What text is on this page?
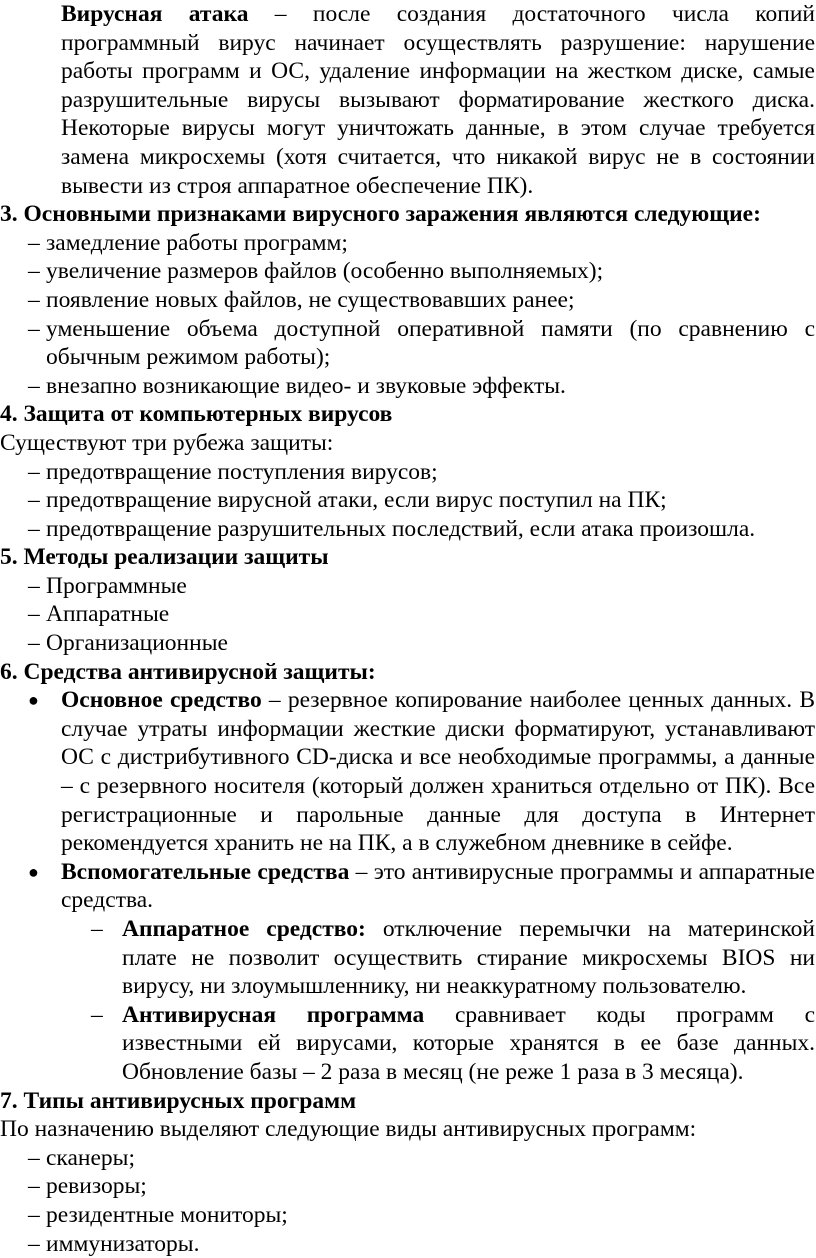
Вирусная атака – после создания достаточного числа копий программный вирус начинает осуществлять разрушение: нарушение работы программ и ОС, удаление информации на жестком диске, самые разрушительные вирусы вызывают форматирование жесткого диска. Некоторые вирусы могут уничтожать данные, в этом случае требуется замена микросхемы (хотя считается, что никакой вирус не в состоянии вывести из строя аппаратное обеспечение ПК).

3. Основными признаками вирусного заражения являются следующие:

– замедление работы программ;
– увеличение размеров файлов (особенно выполняемых);
– появление новых файлов, не существовавших ранее;
– уменьшение объема доступной оперативной памяти (по сравнению с обычным режимом работы);
– внезапно возникающие видео- и звуковые эффекты.

4. Защита от компьютерных вирусов

Существуют три рубежа защиты:

– предотвращение поступления вирусов;
– предотвращение вирусной атаки, если вирус поступил на ПК;
– предотвращение разрушительных последствий, если атака произошла.

5. Методы реализации защиты

– Программные
– Аппаратные
– Организационные

6. Средства антивирусной защиты:

● Основное средство – резервное копирование наиболее ценных данных. В случае утраты информации жесткие диски форматируют, устанавливают ОС с дистрибутивного CD-диска и все необходимые программы, а данные – с резервного носителя (который должен храниться отдельно от ПК). Все регистрационные и парольные данные для доступа в Интернет рекомендуется хранить не на ПК, а в служебном дневнике в сейфе.
● Вспомогательные средства – это антивирусные программы и аппаратные средства.
– Аппаратное средство: отключение перемычки на материнской плате не позволит осуществить стирание микросхемы BIOS ни вирусу, ни злоумышленнику, ни неаккуратному пользователю.
– Антивирусная программа сравнивает коды программ с известными ей вирусами, которые хранятся в ее базе данных. Обновление базы – 2 раза в месяц (не реже 1 раза в 3 месяца).

7. Типы антивирусных программ

По назначению выделяют следующие виды антивирусных программ:

– сканеры;
– ревизоры;
– резидентные мониторы;
– иммунизаторы.
